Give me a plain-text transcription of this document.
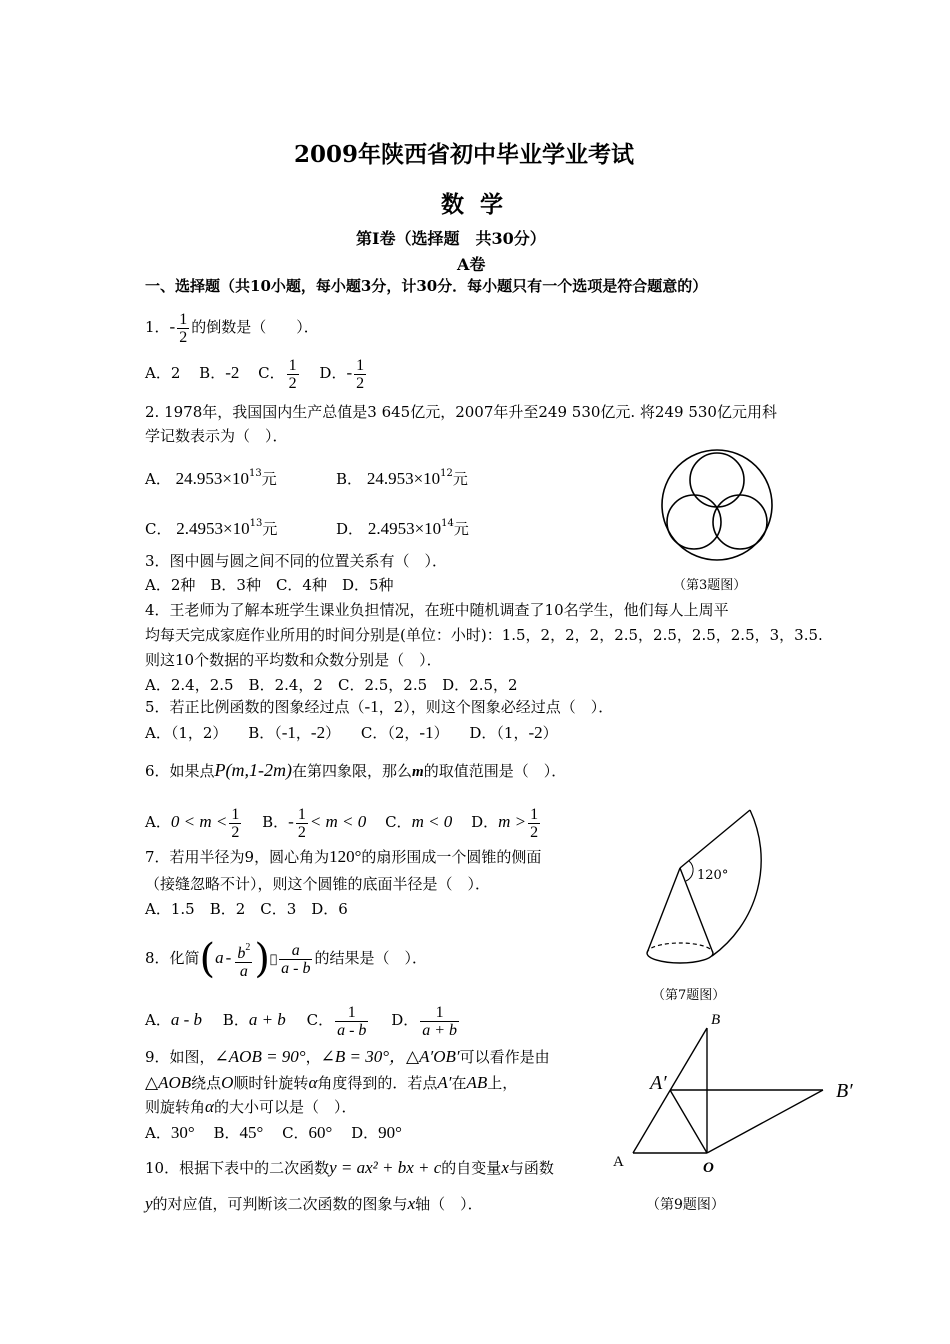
2009年陕西省初中毕业学业考试
数  学
第Ⅰ卷（选择题　共30分）
A卷
一、选择题（共10小题，每小题3分，计30分．每小题只有一个选项是符合题意的）
1．- $\frac{1}{2}$ 的倒数是（　　）．
A．2 B．-2 C． $\frac{1}{2}$ D．- $\frac{1}{2}$
2. 1978年，我国国内生产总值是3 645亿元，2007年升至249 530亿元. 将249 530亿元用科
学记数表示为（　）．
A． $24.953\times 10^{13}$元	B． $24.953\times 10^{12}$元
C． $2.4953\times 10^{13}$元	D． $2.4953\times 10^{14}$元
（第3题图）
3．图中圆与圆之间不同的位置关系有（　）．
A．2种　B．3种　C．4种　D．5种
4．王老师为了解本班学生课业负担情况，在班中随机调查了10名学生，他们每人上周平
均每天完成家庭作业所用的时间分别是(单位：小时)：1.5，2，2，2，2.5，2.5，2.5，2.5，3，3.5.
则这10个数据的平均数和众数分别是（　）．
A．2.4，2.5　B．2.4，2　C．2.5，2.5　D．2.5，2
5．若正比例函数的图象经过点（-1，2），则这个图象必经过点（　）．
A．（1，2） B．（-1，-2） C．（2，-1） D．（1，-2）
6．如果点P(m,1-2m)在第四象限，那么m的取值范围是（　）．
A．$0 < m < \frac{1}{2}$ B．- $\frac{1}{2} < m < 0$ C．m < 0 D．$m > \frac{1}{2}$
7．若用半径为9，圆心角为120°的扇形围成一个圆锥的侧面
（接缝忽略不计），则这个圆锥的底面半径是（　）．
A．1.5　B．2　C．3　D．6
120°
（第7题图）
8．化简($a - \frac{b^2}{a}$ )􀁗 $\frac{a}{a - b}$ 的结果是（　）．
A．a - b B．a + b C． $\frac{1}{a - b}$ D． $\frac{1}{a + b}$
9．如图，∠AOB = 90°，∠B = 30°，△A′OB′可以看作是由
△AOB绕点O顺时针旋转α角度得到的．若点A′在AB上，
则旋转角α的大小可以是（　）．
A．30° B．45° C．60° D．90°
B
A′	B′
A	O
（第9题图）
10．根据下表中的二次函数y = ax² + bx + c的自变量x与函数
y的对应值，可判断该二次函数的图象与x轴（　）．
